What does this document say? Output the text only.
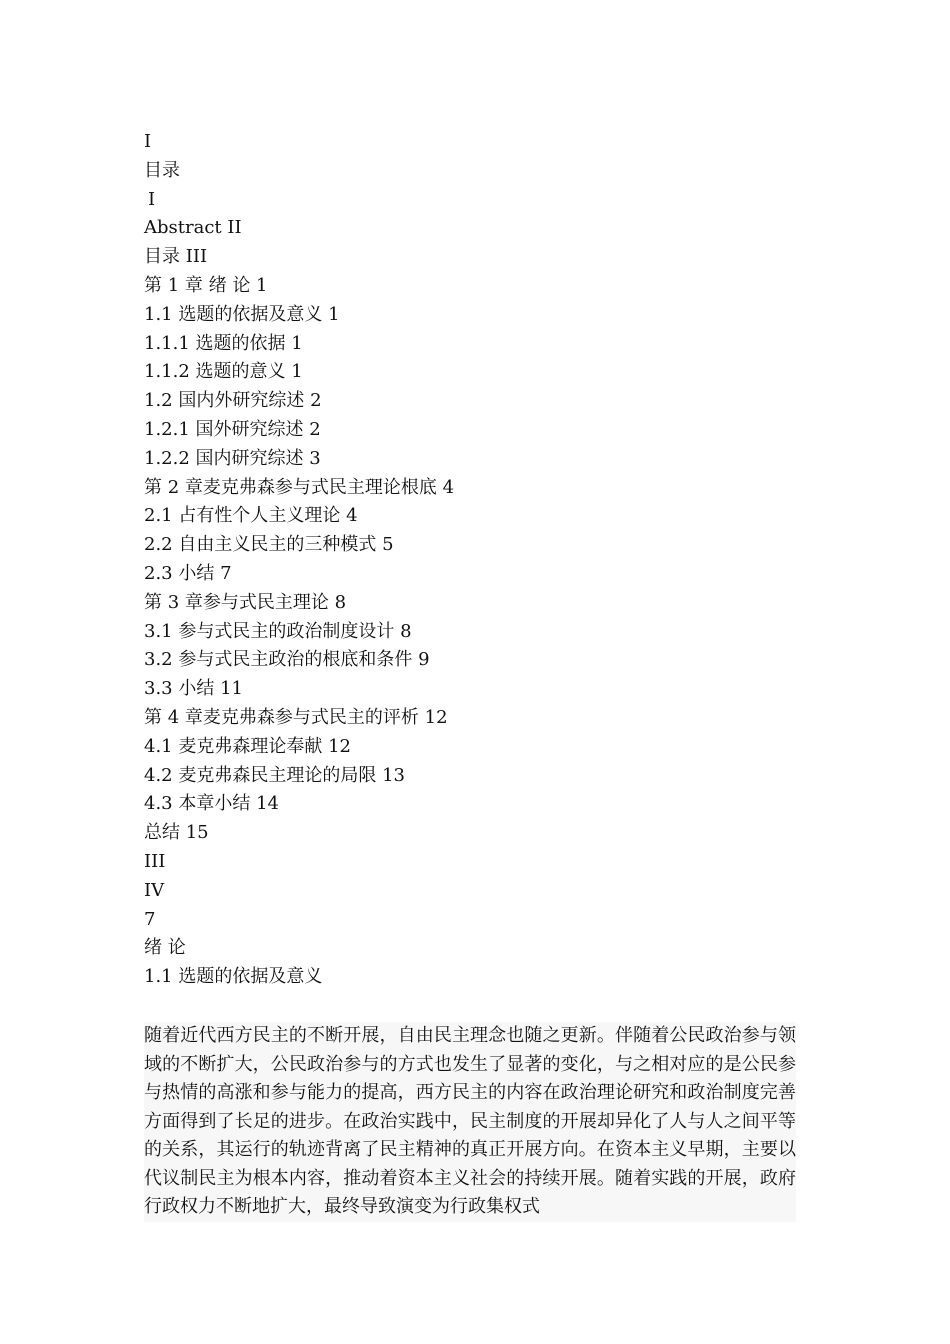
I
目录
I
Abstract II
目录 III
第 1 章 绪 论 1
1.1 选题的依据及意义 1
1.1.1 选题的依据 1
1.1.2 选题的意义 1
1.2 国内外研究综述 2
1.2.1 国外研究综述 2
1.2.2 国内研究综述 3
第 2 章麦克弗森参与式民主理论根底 4
2.1 占有性个人主义理论 4
2.2 自由主义民主的三种模式 5
2.3 小结 7
第 3 章参与式民主理论 8
3.1 参与式民主的政治制度设计 8
3.2 参与式民主政治的根底和条件 9
3.3 小结 11
第 4 章麦克弗森参与式民主的评析 12
4.1 麦克弗森理论奉献 12
4.2 麦克弗森民主理论的局限 13
4.3 本章小结 14
总结 15
III
IV
7
绪 论
1.1 选题的依据及意义
随着近代西方民主的不断开展，自由民主理念也随之更新。伴随着公民政治参与领域的不断扩大，公民政治参与的方式也发生了显著的变化，与之相对应的是公民参与热情的高涨和参与能力的提高，西方民主的内容在政治理论研究和政治制度完善方面得到了长足的进步。在政治实践中，民主制度的开展却异化了人与人之间平等的关系，其运行的轨迹背离了民主精神的真正开展方向。在资本主义早期，主要以代议制民主为根本内容，推动着资本主义社会的持续开展。随着实践的开展，政府行政权力不断地扩大，最终导致演变为行政集权式
